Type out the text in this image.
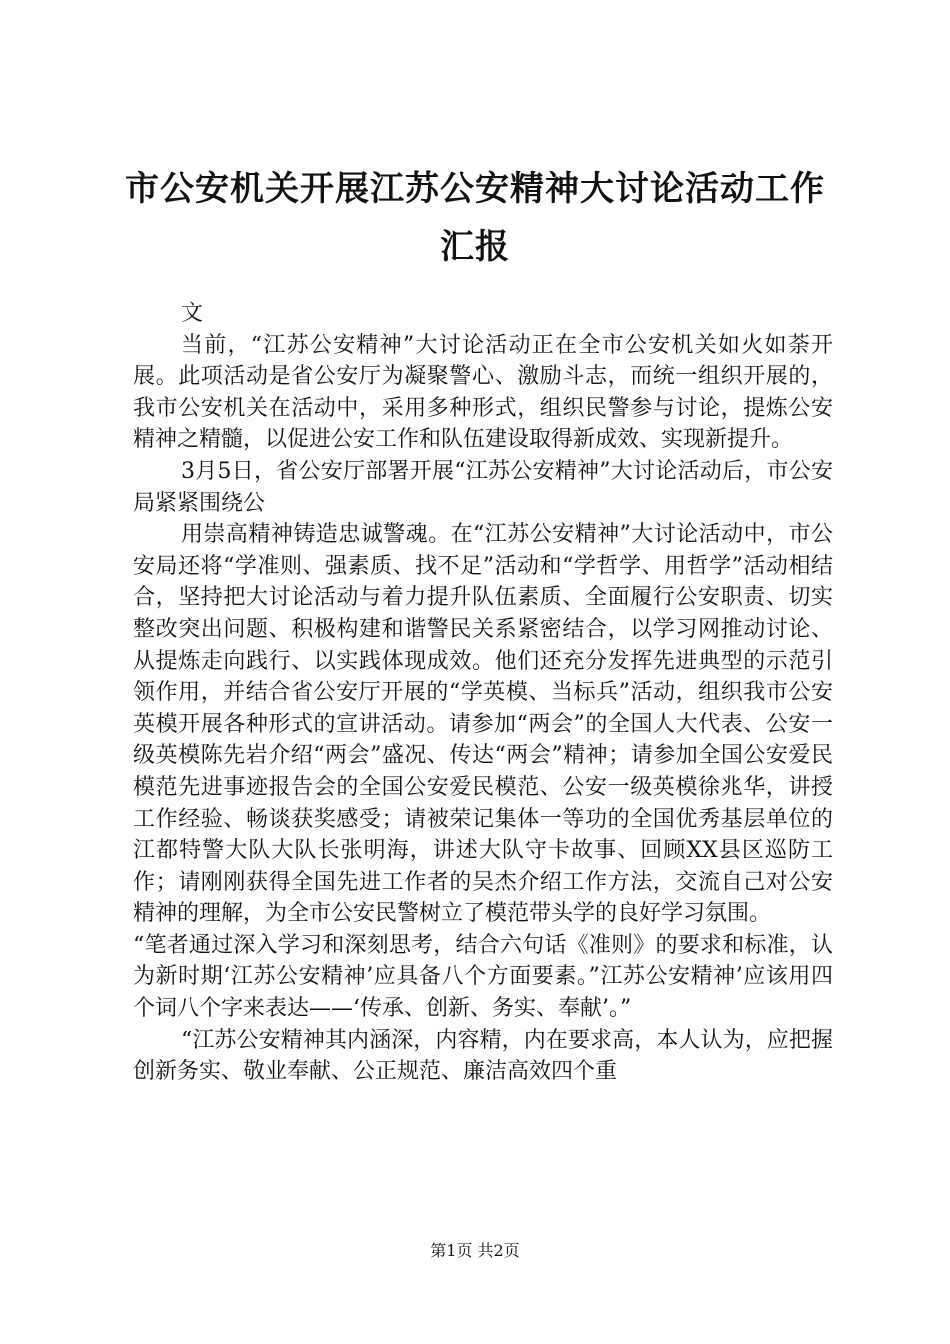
市公安机关开展江苏公安精神大讨论活动工作
汇报

文

当前，“江苏公安精神”大讨论活动正在全市公安机关如火如荼开展。此项活动是省公安厅为凝聚警心、激励斗志，而统一组织开展的，我市公安机关在活动中，采用多种形式，组织民警参与讨论，提炼公安精神之精髓，以促进公安工作和队伍建设取得新成效、实现新提升。

3月5日，省公安厅部署开展“江苏公安精神”大讨论活动后，市公安局紧紧围绕公

用崇高精神铸造忠诚警魂。在“江苏公安精神”大讨论活动中，市公安局还将“学准则、强素质、找不足”活动和“学哲学、用哲学”活动相结合，坚持把大讨论活动与着力提升队伍素质、全面履行公安职责、切实整改突出问题、积极构建和谐警民关系紧密结合，以学习网推动讨论、从提炼走向践行、以实践体现成效。他们还充分发挥先进典型的示范引领作用，并结合省公安厅开展的“学英模、当标兵”活动，组织我市公安英模开展各种形式的宣讲活动。请参加“两会”的全国人大代表、公安一级英模陈先岩介绍“两会”盛况、传达“两会”精神；请参加全国公安爱民模范先进事迹报告会的全国公安爱民模范、公安一级英模徐兆华，讲授工作经验、畅谈获奖感受；请被荣记集体一等功的全国优秀基层单位的江都特警大队大队长张明海，讲述大队守卡故事、回顾XX县区巡防工作；请刚刚获得全国先进工作者的吴杰介绍工作方法，交流自己对公安精神的理解，为全市公安民警树立了模范带头学的良好学习氛围。

“笔者通过深入学习和深刻思考，结合六句话《准则》的要求和标准，认为新时期‘江苏公安精神’应具备八个方面要素。”江苏公安精神’应该用四个词八个字来表达——‘传承、创新、务实、奉献’。”

“江苏公安精神其内涵深，内容精，内在要求高，本人认为，应把握创新务实、敬业奉献、公正规范、廉洁高效四个重

第1页 共2页
